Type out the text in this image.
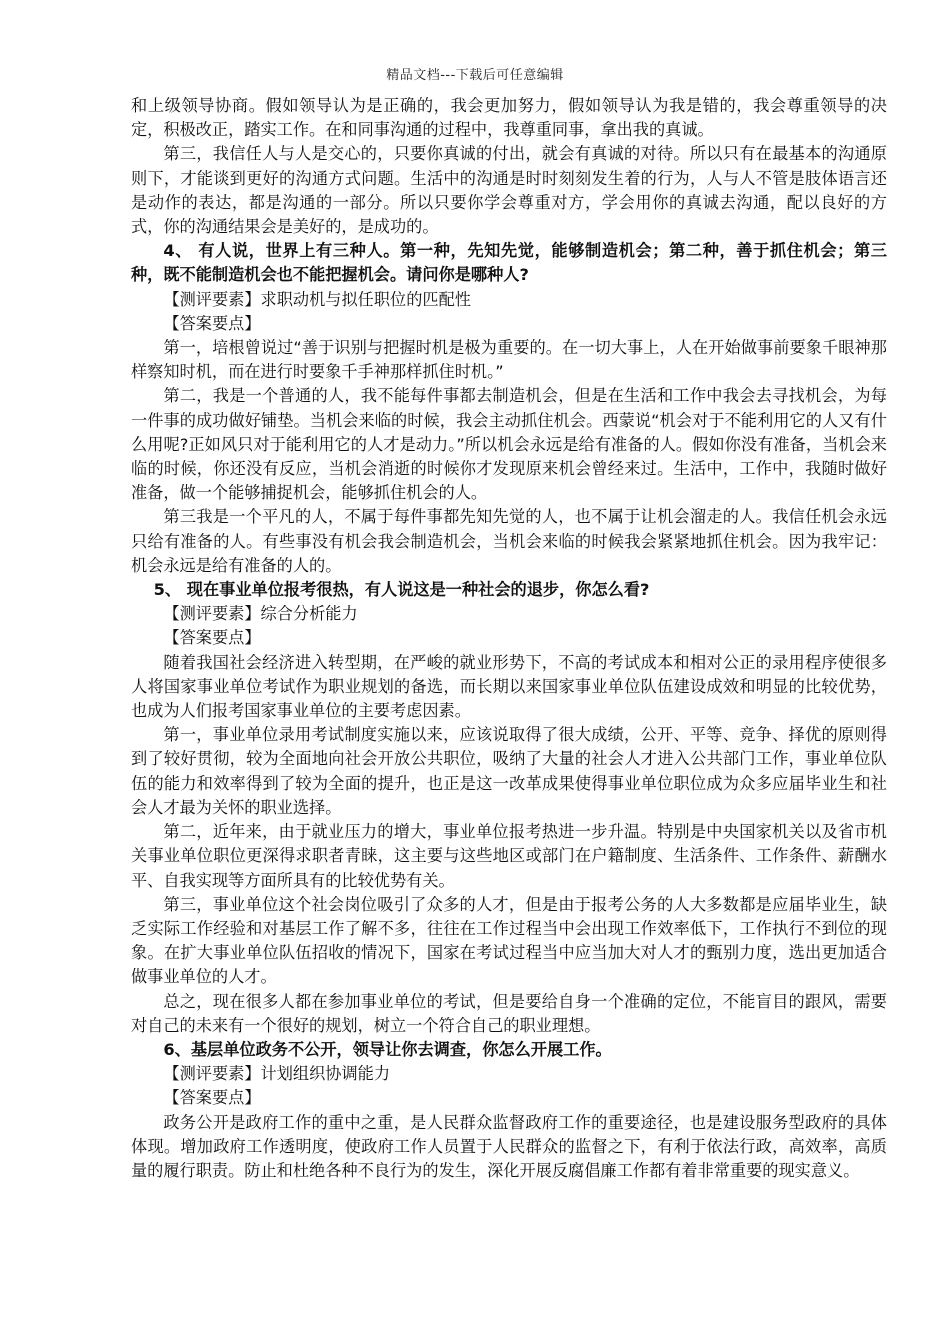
精品文档---下载后可任意编辑

和上级领导协商。假如领导认为是正确的，我会更加努力，假如领导认为我是错的，我会尊重领导的决定，积极改正，踏实工作。在和同事沟通的过程中，我尊重同事，拿出我的真诚。

第三，我信任人与人是交心的，只要你真诚的付出，就会有真诚的对待。所以只有在最基本的沟通原则下，才能谈到更好的沟通方式问题。生活中的沟通是时时刻刻发生着的行为，人与人不管是肢体语言还是动作的表达，都是沟通的一部分。所以只要你学会尊重对方，学会用你的真诚去沟通，配以良好的方式，你的沟通结果会是美好的，是成功的。

4、 有人说，世界上有三种人。第一种，先知先觉，能够制造机会；第二种，善于抓住机会；第三种，既不能制造机会也不能把握机会。请问你是哪种人?

【测评要素】求职动机与拟任职位的匹配性

【答案要点】

第一，培根曾说过“善于识别与把握时机是极为重要的。在一切大事上，人在开始做事前要象千眼神那样察知时机，而在进行时要象千手神那样抓住时机。”

第二，我是一个普通的人，我不能每件事都去制造机会，但是在生活和工作中我会去寻找机会，为每一件事的成功做好铺垫。当机会来临的时候，我会主动抓住机会。西蒙说“机会对于不能利用它的人又有什么用呢?正如风只对于能利用它的人才是动力。”所以机会永远是给有准备的人。假如你没有准备，当机会来临的时候，你还没有反应，当机会消逝的时候你才发现原来机会曾经来过。生活中，工作中，我随时做好准备，做一个能够捕捉机会，能够抓住机会的人。

第三我是一个平凡的人，不属于每件事都先知先觉的人，也不属于让机会溜走的人。我信任机会永远只给有准备的人。有些事没有机会我会制造机会，当机会来临的时候我会紧紧地抓住机会。因为我牢记：机会永远是给有准备的人的。

5、 现在事业单位报考很热，有人说这是一种社会的退步，你怎么看?

【测评要素】综合分析能力

【答案要点】

随着我国社会经济进入转型期，在严峻的就业形势下，不高的考试成本和相对公正的录用程序使很多人将国家事业单位考试作为职业规划的备选，而长期以来国家事业单位队伍建设成效和明显的比较优势，也成为人们报考国家事业单位的主要考虑因素。

第一，事业单位录用考试制度实施以来，应该说取得了很大成绩，公开、平等、竞争、择优的原则得到了较好贯彻，较为全面地向社会开放公共职位，吸纳了大量的社会人才进入公共部门工作，事业单位队伍的能力和效率得到了较为全面的提升，也正是这一改革成果使得事业单位职位成为众多应届毕业生和社会人才最为关怀的职业选择。

第二，近年来，由于就业压力的增大，事业单位报考热进一步升温。特别是中央国家机关以及省市机关事业单位职位更深得求职者青睐，这主要与这些地区或部门在户籍制度、生活条件、工作条件、薪酬水平、自我实现等方面所具有的比较优势有关。

第三，事业单位这个社会岗位吸引了众多的人才，但是由于报考公务的人大多数都是应届毕业生，缺乏实际工作经验和对基层工作了解不多，往往在工作过程当中会出现工作效率低下，工作执行不到位的现象。在扩大事业单位队伍招收的情况下，国家在考试过程当中应当加大对人才的甄别力度，选出更加适合做事业单位的人才。

总之，现在很多人都在参加事业单位的考试，但是要给自身一个准确的定位，不能盲目的跟风，需要对自己的未来有一个很好的规划，树立一个符合自己的职业理想。

6、基层单位政务不公开，领导让你去调查，你怎么开展工作。

【测评要素】计划组织协调能力

【答案要点】

政务公开是政府工作的重中之重，是人民群众监督政府工作的重要途径，也是建设服务型政府的具体体现。增加政府工作透明度，使政府工作人员置于人民群众的监督之下，有利于依法行政，高效率，高质量的履行职责。防止和杜绝各种不良行为的发生，深化开展反腐倡廉工作都有着非常重要的现实意义。
